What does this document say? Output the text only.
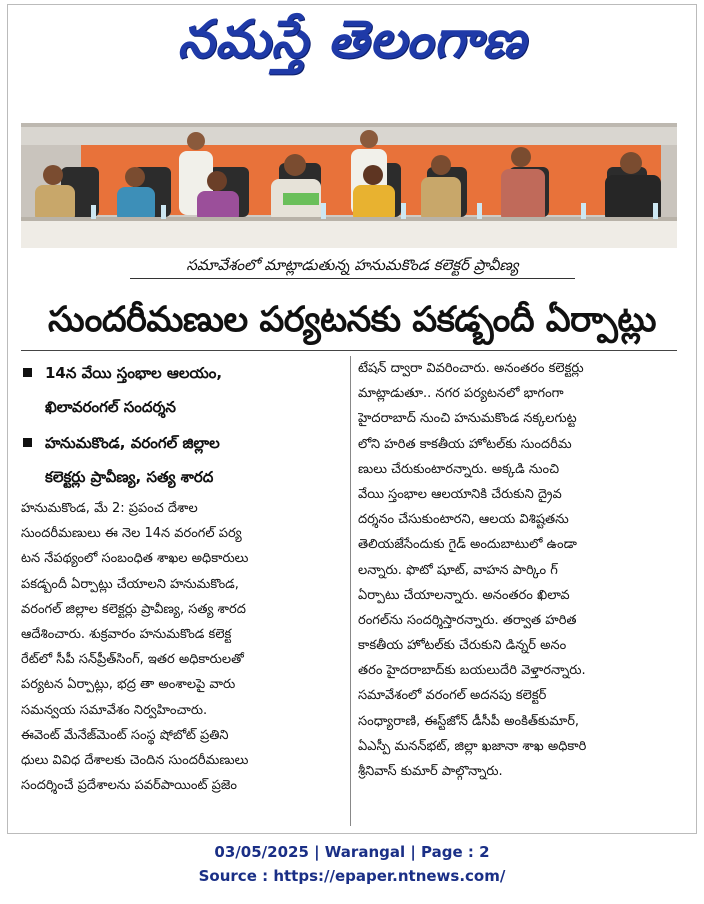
నమస్తే తెలంగాణ
సమావేశంలో మాట్లాడుతున్న హనుమకొండ కలెక్టర్ ప్రావీణ్య
సుందరీమణుల పర్యటనకు పకడ్బందీ ఏర్పాట్లు
14న వేయి స్తంభాల ఆలయం,
ఖిలావరంగల్ సందర్శన
హనుమకొండ, వరంగల్ జిల్లాల
కలెక్టర్లు ప్రావీణ్య, సత్య శారద
హనుమకొండ, మే 2: ప్రపంచ దేశాల
సుందరీమణులు ఈ నెల 14న వరంగల్ పర్య
టన నేపథ్యంలో సంబంధిత శాఖల అధికారులు
పకడ్బందీ ఏర్పాట్లు చేయాలని హనుమకొండ,
వరంగల్ జిల్లాల కలెక్టర్లు ప్రావీణ్య, సత్య శారద
ఆదేశించారు. శుక్రవారం హనుమకొండ కలెక్ట
రేట్‌లో సీపీ సన్‌ప్రీత్‌సింగ్, ఇతర అధికారులతో
పర్యటన ఏర్పాట్లు, భద్ర తా అంశాలపై వారు
సమన్వయ సమావేశం నిర్వహించారు.
ఈవెంట్ మేనేజ్‌మెంట్ సంస్థ షోబోట్ ప్రతిని
ధులు వివిధ దేశాలకు చెందిన సుందరీమణులు
సందర్శించే ప్రదేశాలను పవర్‌పాయింట్ ప్రజెం
టేషన్ ద్వారా వివరించారు. అనంతరం కలెక్టర్లు
మాట్లాడుతూ.. నగర పర్యటనలో భాగంగా
హైదరాబాద్ నుంచి హనుమకొండ నక్కలగుట్ట
లోని హరిత కాకతీయ హోటల్‌కు సుందరీమ
ణులు చేరుకుంటారన్నారు. అక్కడి నుంచి
వేయి స్తంభాల ఆలయానికి చేరుకుని ద్రైవ
దర్శనం చేసుకుంటారని, ఆలయ విశిష్టతను
తెలియజేసేందుకు గైడ్ అందుబాటులో ఉండా
లన్నారు. ఫొటో షూట్, వాహన పార్కిం గ్
ఏర్పాటు చేయాలన్నారు. అనంతరం ఖిలావ
రంగల్‌ను సందర్శిస్తారన్నారు. తర్వాత హరిత
కాకతీయ హోటల్‌కు చేరుకుని డిన్నర్ అనం
తరం హైదరాబాద్‌కు బయలుదేరి వెళ్తారన్నారు.
సమావేశంలో వరంగల్ అదనపు కలెక్టర్
సంధ్యారాణి, ఈస్ట్‌జోన్ డీసీపీ అంకిత్‌కుమార్,
ఏఎస్పీ మనన్‌భట్, జిల్లా ఖజానా శాఖ అధికారి
శ్రీనివాస్ కుమార్ పాల్గొన్నారు.
03/05/2025 | Warangal | Page : 2
Source : https://epaper.ntnews.com/
